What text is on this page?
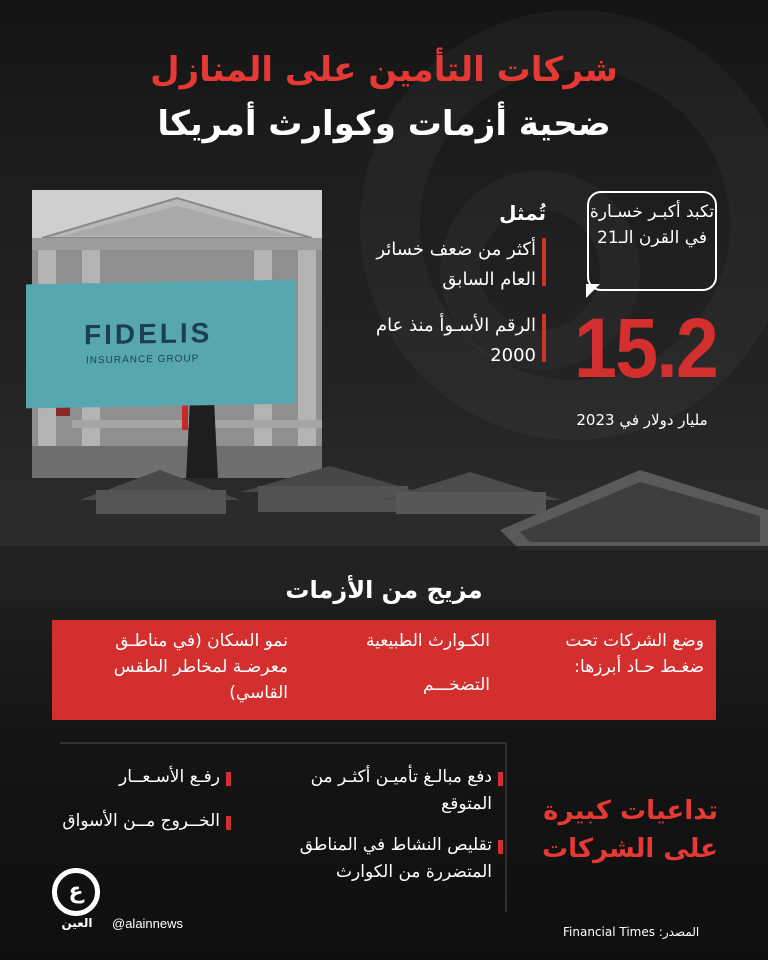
شركات التأمين على المنازل
ضحية أزمات وكوارث أمريكا
FIDELIS
INSURANCE GROUP
تُمثل
أكثر من ضعف خسائر العام السابق
الرقم الأسـوأ منذ عام 2000
تكبد أكبـر خسـارة في القرن الـ21
15.2
مليار دولار في 2023
مزيج من الأزمات
وضع الشركات تحت ضغـط حـاد أبرزها:
الكـوارث الطبيعية
التضخـــم
نمو السكان (في مناطـق معرضـة لمخاطر الطقس القاسي)
تداعيات كبيرة على الشركات
دفع مبالـغ تأميـن أكثـر من المتوقع
تقليص النشاط في المناطق المتضررة من الكوارث
رفـع الأسـعــار
الخــروج مــن الأسواق
ع
العين	@alainnews
المصدر: Financial Times
